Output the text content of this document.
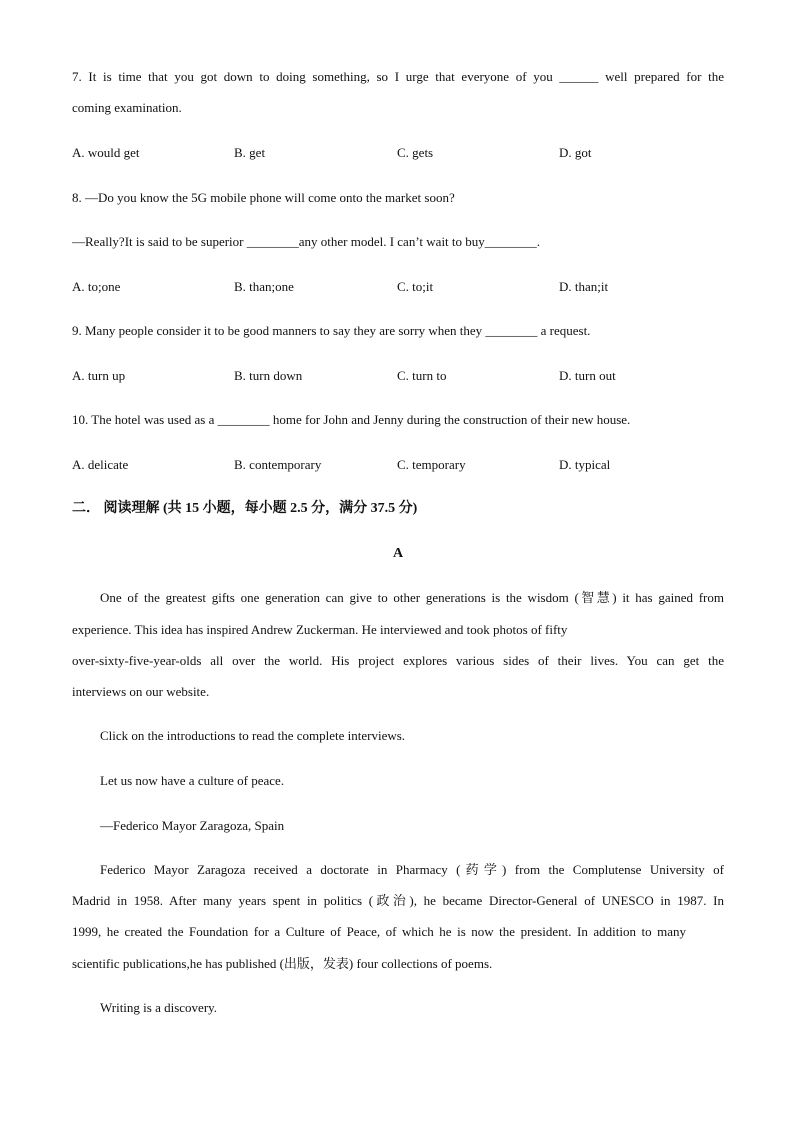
7. It is time that you got down to doing something, so I urge that everyone of you ______ well prepared for the
coming examination.
A. would get	B. get	C. gets	D. got
8. —Do you know the 5G mobile phone will come onto the market soon?
—Really?It is said to be superior ________any other model. I can’t wait to buy________.
A. to;one	B. than;one	C. to;it	D. than;it
9. Many people consider it to be good manners to say they are sorry when they ________ a request.
A. turn up	B. turn down	C. turn to	D. turn out
10. The hotel was used as a ________ home for John and Jenny during the construction of their new house.
A. delicate	B. contemporary	C. temporary	D. typical
二． 阅读理解 (共 15 小题，每小题 2.5 分，满分 37.5 分)
A
One of the greatest gifts one generation can give to other generations is the wisdom (智慧) it has gained from
experience. This idea has inspired Andrew Zuckerman. He interviewed and took photos of fifty
over-sixty-five-year-olds all over the world. His project explores various sides of their lives. You can get the
interviews on our website.
Click on the introductions to read the complete interviews.
Let us now have a culture of peace.
—Federico Mayor Zaragoza, Spain
Federico Mayor Zaragoza received a doctorate in Pharmacy (药学) from the Complutense University of
Madrid in 1958. After many years spent in politics (政治), he became Director-General of UNESCO in 1987. In
1999, he created the Foundation for a Culture of Peace, of which he is now the president. In addition to many
scientific publications,he has published (出版，发表) four collections of poems.
Writing is a discovery.
